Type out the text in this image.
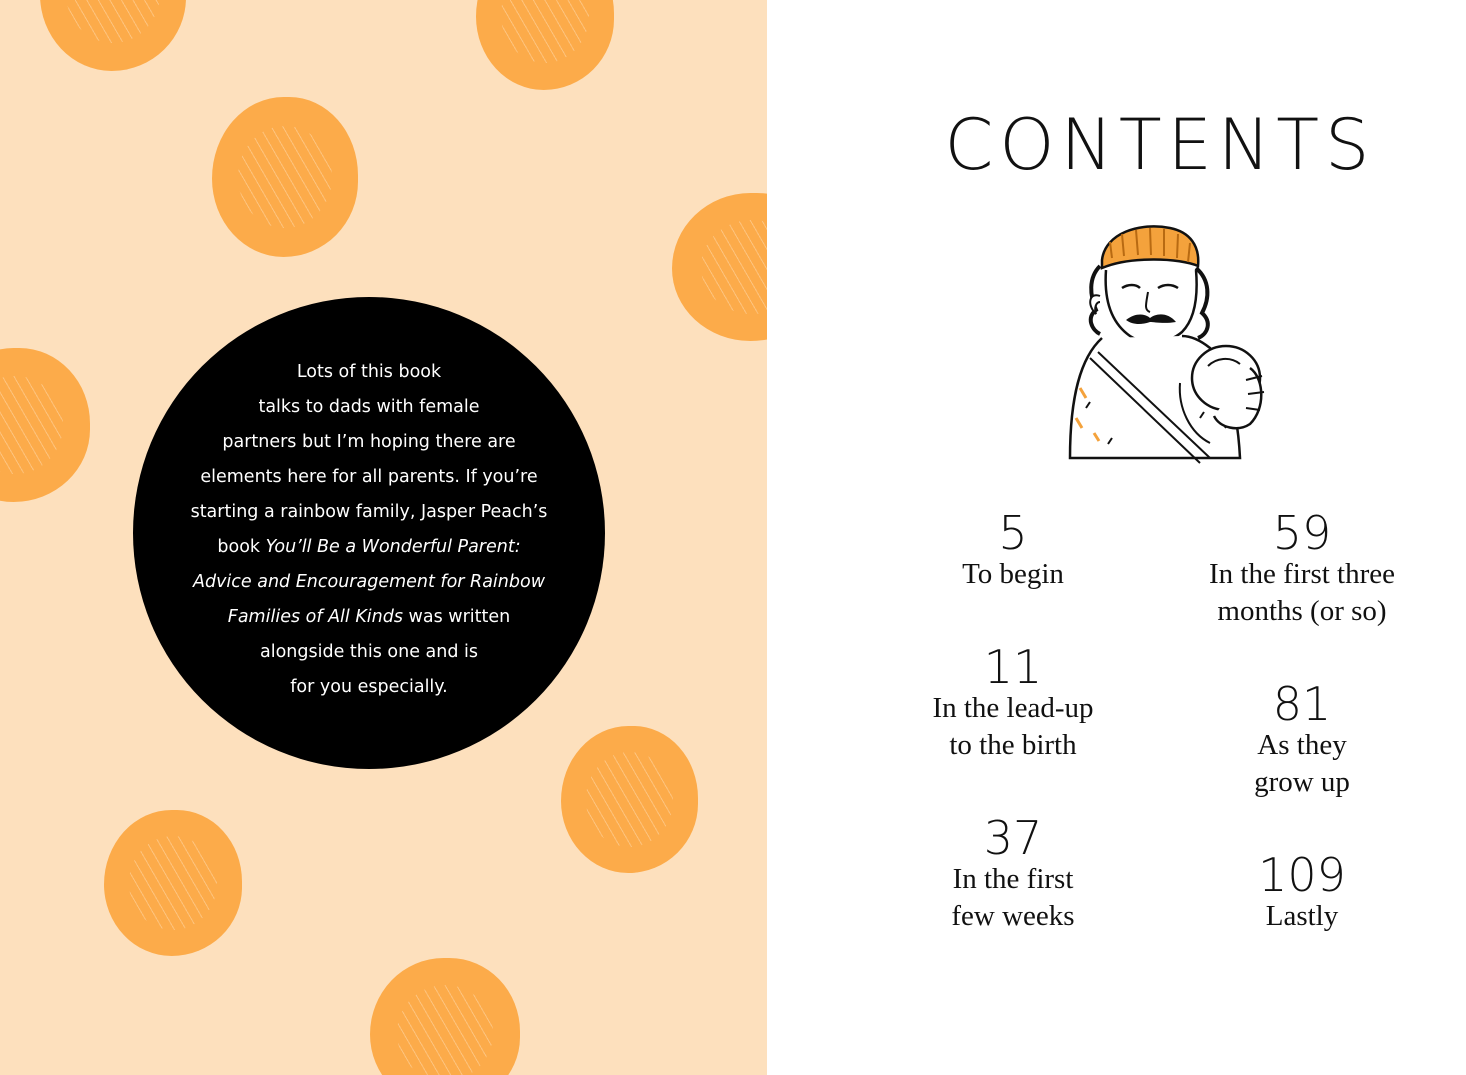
Lots of this book
talks to dads with female
partners but I’m hoping there are
elements here for all parents. If you’re
starting a rainbow family, Jasper Peach’s
book You’ll Be a Wonderful Parent:
Advice and Encouragement for Rainbow
Families of All Kinds was written
alongside this one and is
for you especially.
CONTENTS
5
To begin
59
In the first three
months (or so)
11
In the lead-up
to the birth
81
As they
grow up
37
In the first
few weeks
109
Lastly
